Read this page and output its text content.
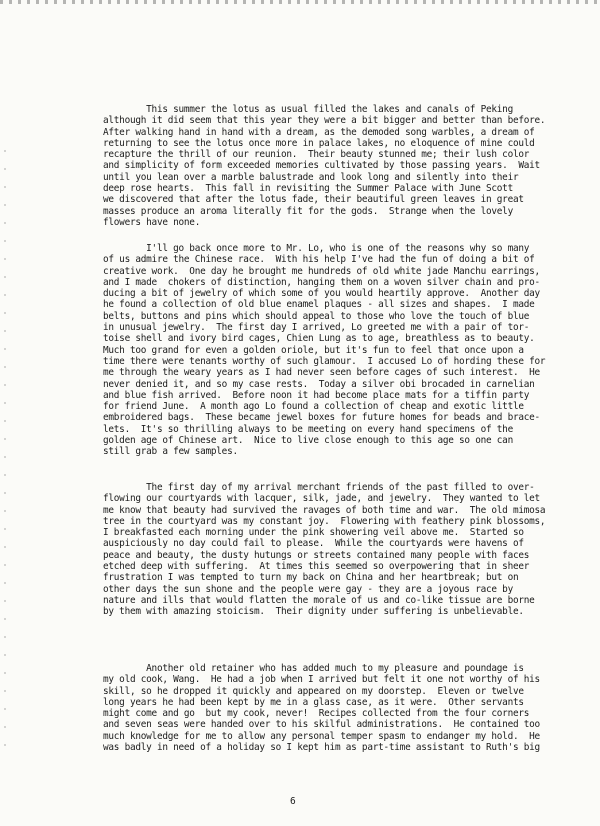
This summer the lotus as usual filled the lakes and canals of Peking
although it did seem that this year they were a bit bigger and better than before.
After walking hand in hand with a dream, as the demoded song warbles, a dream of
returning to see the lotus once more in palace lakes, no eloquence of mine could
recapture the thrill of our reunion.  Their beauty stunned me; their lush color
and simplicity of form exceeded memories cultivated by those passing years.  Wait
until you lean over a marble balustrade and look long and silently into their
deep rose hearts.  This fall in revisiting the Summer Palace with June Scott
we discovered that after the lotus fade, their beautiful green leaves in great
masses produce an aroma literally fit for the gods.  Strange when the lovely
flowers have none.

I'll go back once more to Mr. Lo, who is one of the reasons why so many
of us admire the Chinese race.  With his help I've had the fun of doing a bit of
creative work.  One day he brought me hundreds of old white jade Manchu earrings,
and I made  chokers of distinction, hanging them on a woven silver chain and pro-
ducing a bit of jewelry of which some of you would heartily approve.  Another day
he found a collection of old blue enamel plaques - all sizes and shapes.  I made
belts, buttons and pins which should appeal to those who love the touch of blue
in unusual jewelry.  The first day I arrived, Lo greeted me with a pair of tor-
toise shell and ivory bird cages, Chien Lung as to age, breathless as to beauty.
Much too grand for even a golden oriole, but it's fun to feel that once upon a
time there were tenants worthy of such glamour.  I accused Lo of hording these for
me through the weary years as I had never seen before cages of such interest.  He
never denied it, and so my case rests.  Today a silver obi brocaded in carnelian
and blue fish arrived.  Before noon it had become place mats for a tiffin party
for friend June.  A month ago Lo found a collection of cheap and exotic little
embroidered bags.  These became jewel boxes for future homes for beads and brace-
lets.  It's so thrilling always to be meeting on every hand specimens of the
golden age of Chinese art.  Nice to live close enough to this age so one can
still grab a few samples.

The first day of my arrival merchant friends of the past filled to over-
flowing our courtyards with lacquer, silk, jade, and jewelry.  They wanted to let
me know that beauty had survived the ravages of both time and war.  The old mimosa
tree in the courtyard was my constant joy.  Flowering with feathery pink blossoms,
I breakfasted each morning under the pink showering veil above me.  Started so
auspiciously no day could fail to please.  While the courtyards were havens of
peace and beauty, the dusty hutungs or streets contained many people with faces
etched deep with suffering.  At times this seemed so overpowering that in sheer
frustration I was tempted to turn my back on China and her heartbreak; but on
other days the sun shone and the people were gay - they are a joyous race by
nature and ills that would flatten the morale of us and co-like tissue are borne
by them with amazing stoicism.  Their dignity under suffering is unbelievable.

Another old retainer who has added much to my pleasure and poundage is
my old cook, Wang.  He had a job when I arrived but felt it one not worthy of his
skill, so he dropped it quickly and appeared on my doorstep.  Eleven or twelve
long years he had been kept by me in a glass case, as it were.  Other servants
might come and go  but my cook, never!  Recipes collected from the four corners
and seven seas were handed over to his skilful administrations.  He contained too
much knowledge for me to allow any personal temper spasm to endanger my hold.  He
was badly in need of a holiday so I kept him as part-time assistant to Ruth's big

6
